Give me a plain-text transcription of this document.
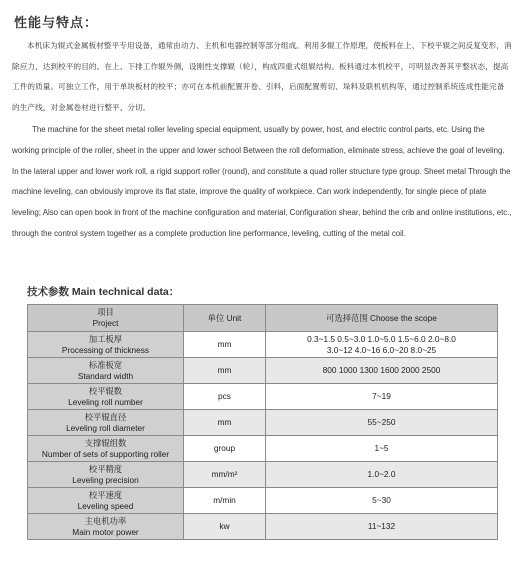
性能与特点：
本机床为辊式金属板材整平专用设备，通常由动力、主机和电器控制等部分组成。利用多辊工作原理，使板料在上、下校平辊之间反复变形，消除应力，达到校平的目的。在上、下排工作辊外侧，设刚性支撑辊（轮），构成四重式组辊结构。板料通过本机校平，可明显改善其平整状态，提高工件的质量。可独立工作，用于单块板材的校平；亦可在本机前配置开卷、引料，后面配置剪切、垛料及联机机构等，通过控制系统连成性能完备的生产线，对金属卷材进行整平、分切。
The machine for the sheet metal roller leveling special equipment, usually by power, host, and electric control parts, etc. Using the working principle of the roller, sheet in the upper and lower school Between the roll deformation, eliminate stress, achieve the goal of leveling. In the lateral upper and lower work roll, a rigid support roller (round), and constitute a quad roller structure type group. Sheet metal Through the machine leveling, can obviously improve its flat state, improve the quality of workpiece. Can work independently, for single piece of plate leveling; Also can open book in front of the machine configuration and material, Configuration shear, behind the crib and online institutions, etc., through the control system together as a complete production line performance, leveling, cutting of the metal coil.
技术参数 Main technical data：
项目
Project	单位 Unit	可选择范围 Choose the scope

加工板厚
Processing of thickness	mm	0.3~1.5 0.5~3.0 1.0~5.0 1.5~6.0 2.0~8.0
3.0~12 4.0~16 6.0~20 8.0~25

标准板宽
Standard width	mm	800 1000 1300 1600 2000 2500

校平辊数
Leveling roll number	pcs	7~19

校平辊直径
Leveling roll diameter	mm	55~250

支撑辊组数
Number of sets of supporting roller	group	1~5

校平精度
Leveling precision	mm/m²	1.0~2.0

校平速度
Leveling speed	m/min	5~30

主电机功率
Main motor power	kw	11~132
